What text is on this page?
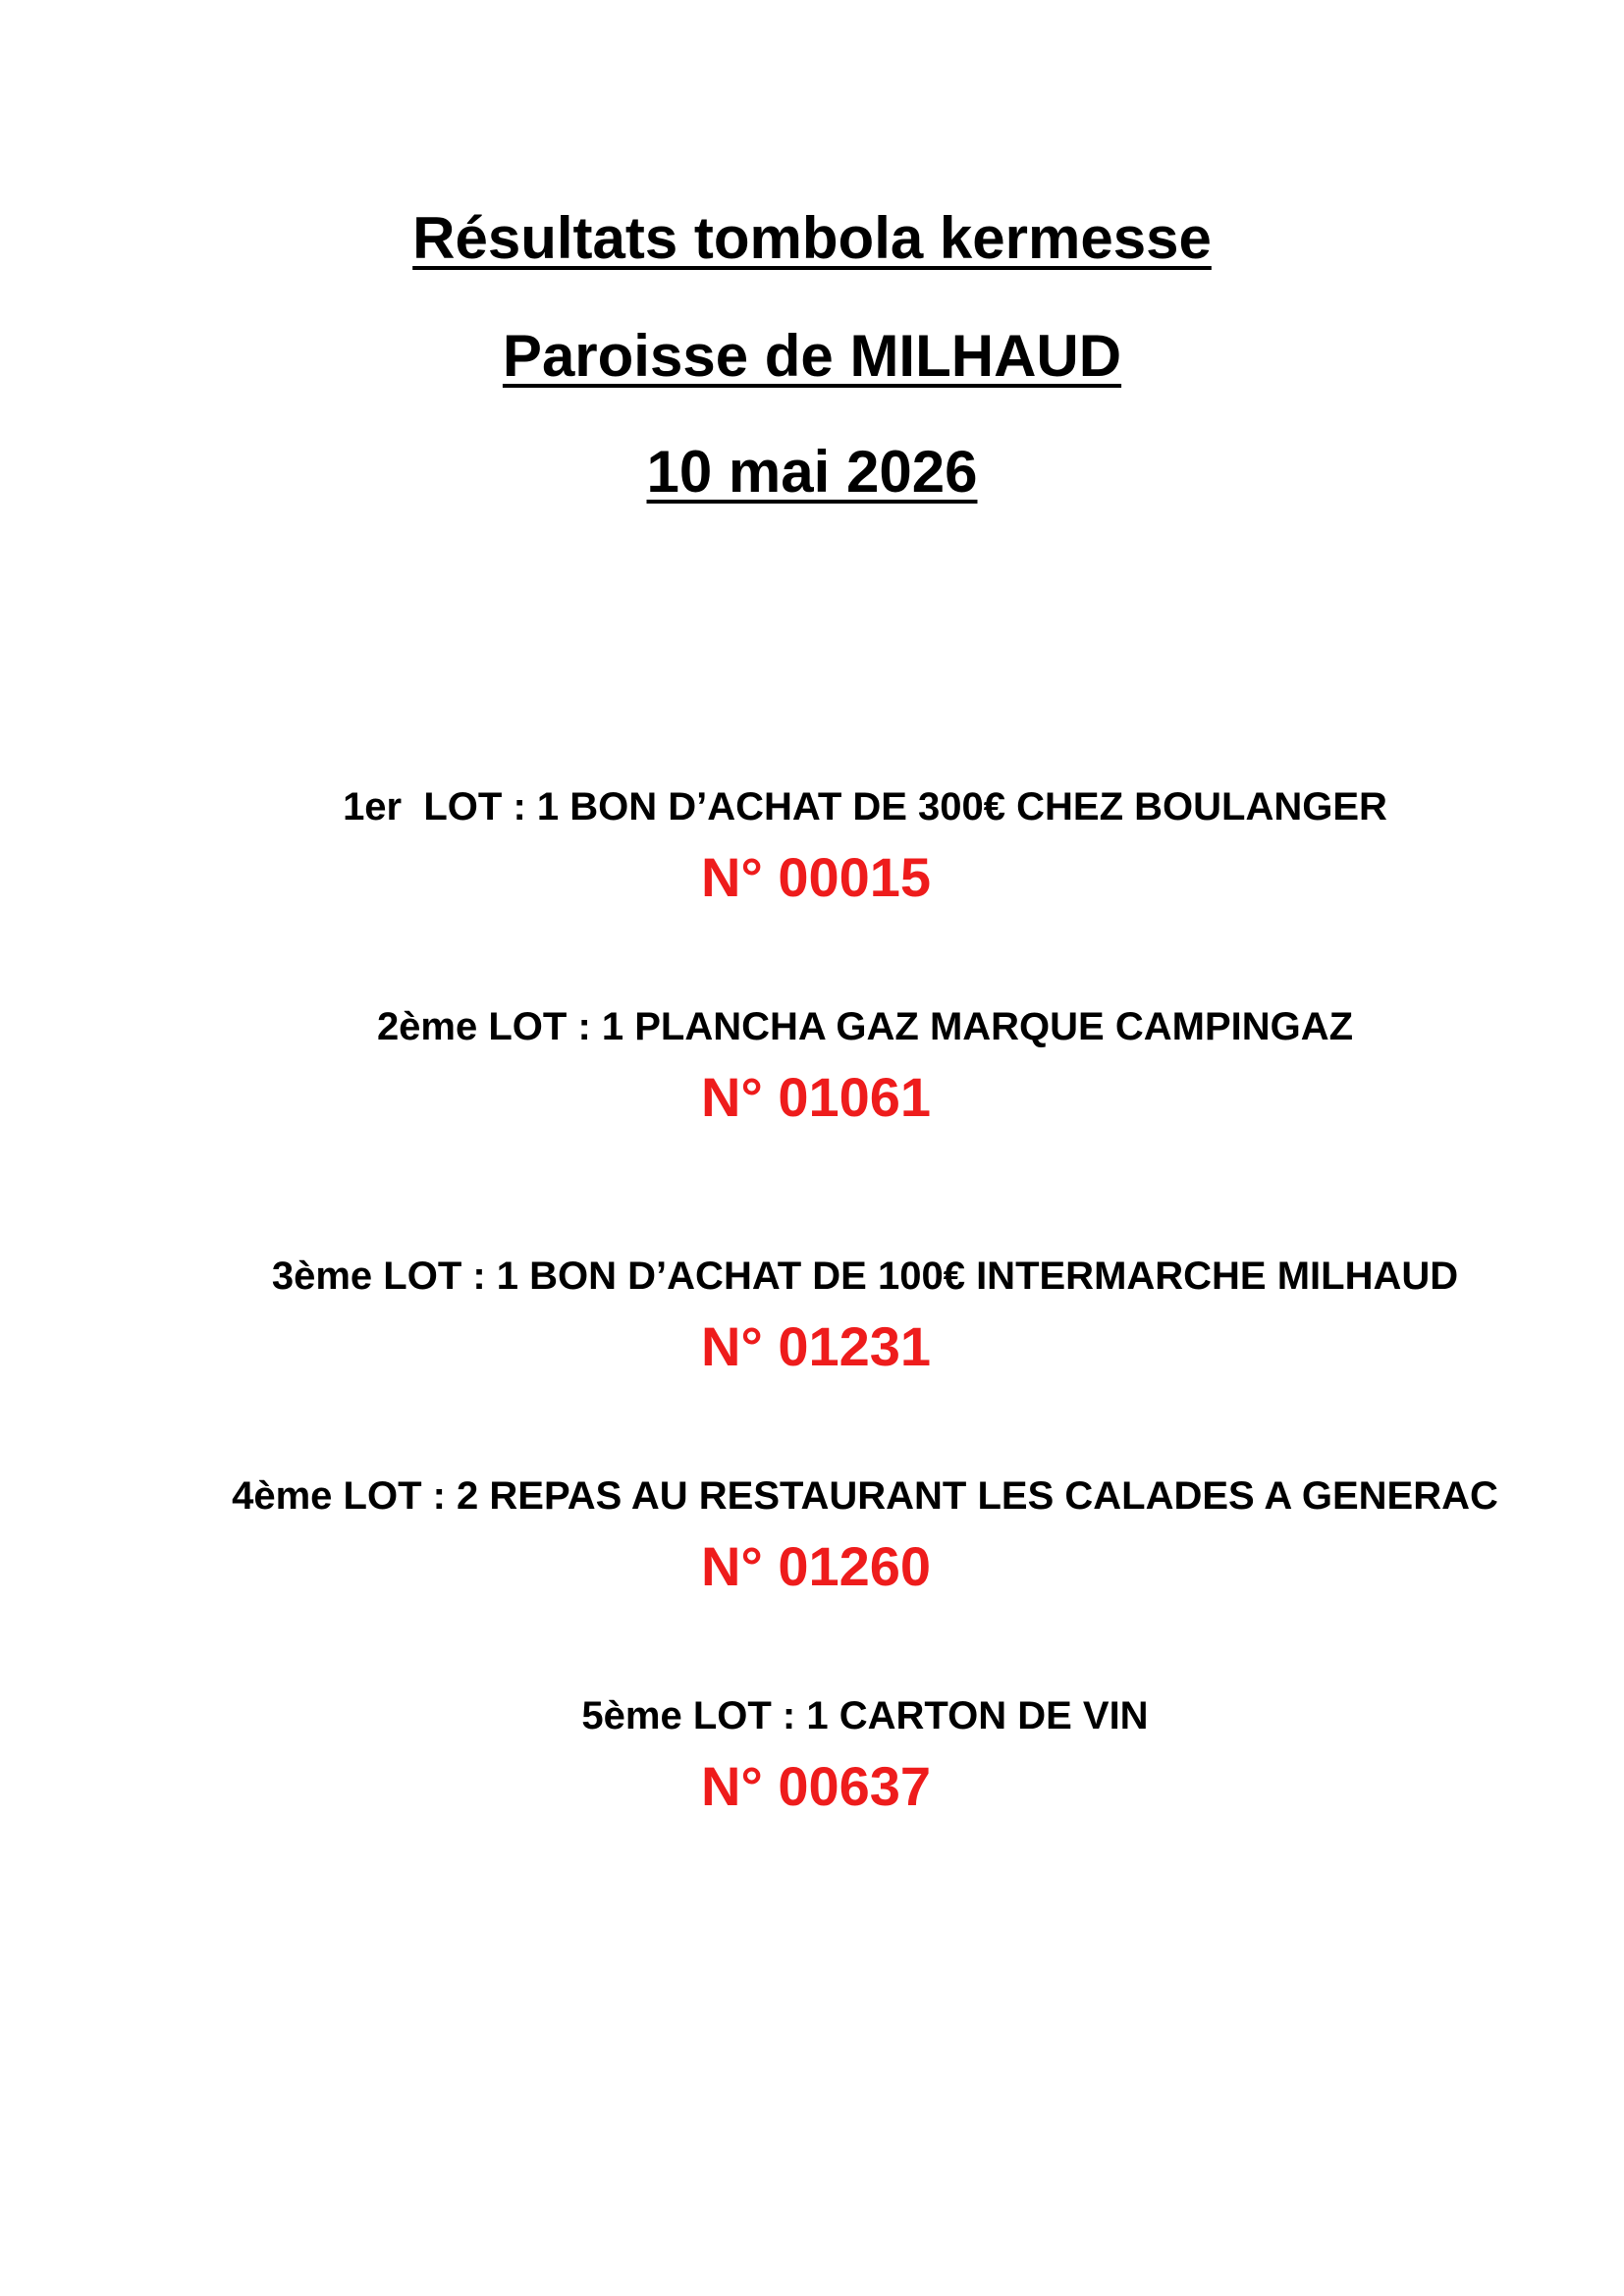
Résultats tombola kermesse
Paroisse de MILHAUD
10 mai 2026
1er  LOT : 1 BON D’ACHAT DE 300€ CHEZ BOULANGER
N° 00015
2ème LOT : 1 PLANCHA GAZ MARQUE CAMPINGAZ
N° 01061
3ème LOT : 1 BON D’ACHAT DE 100€ INTERMARCHE MILHAUD
N° 01231
4ème LOT : 2 REPAS AU RESTAURANT LES CALADES A GENERAC
N° 01260
5ème LOT : 1 CARTON DE VIN
N° 00637
